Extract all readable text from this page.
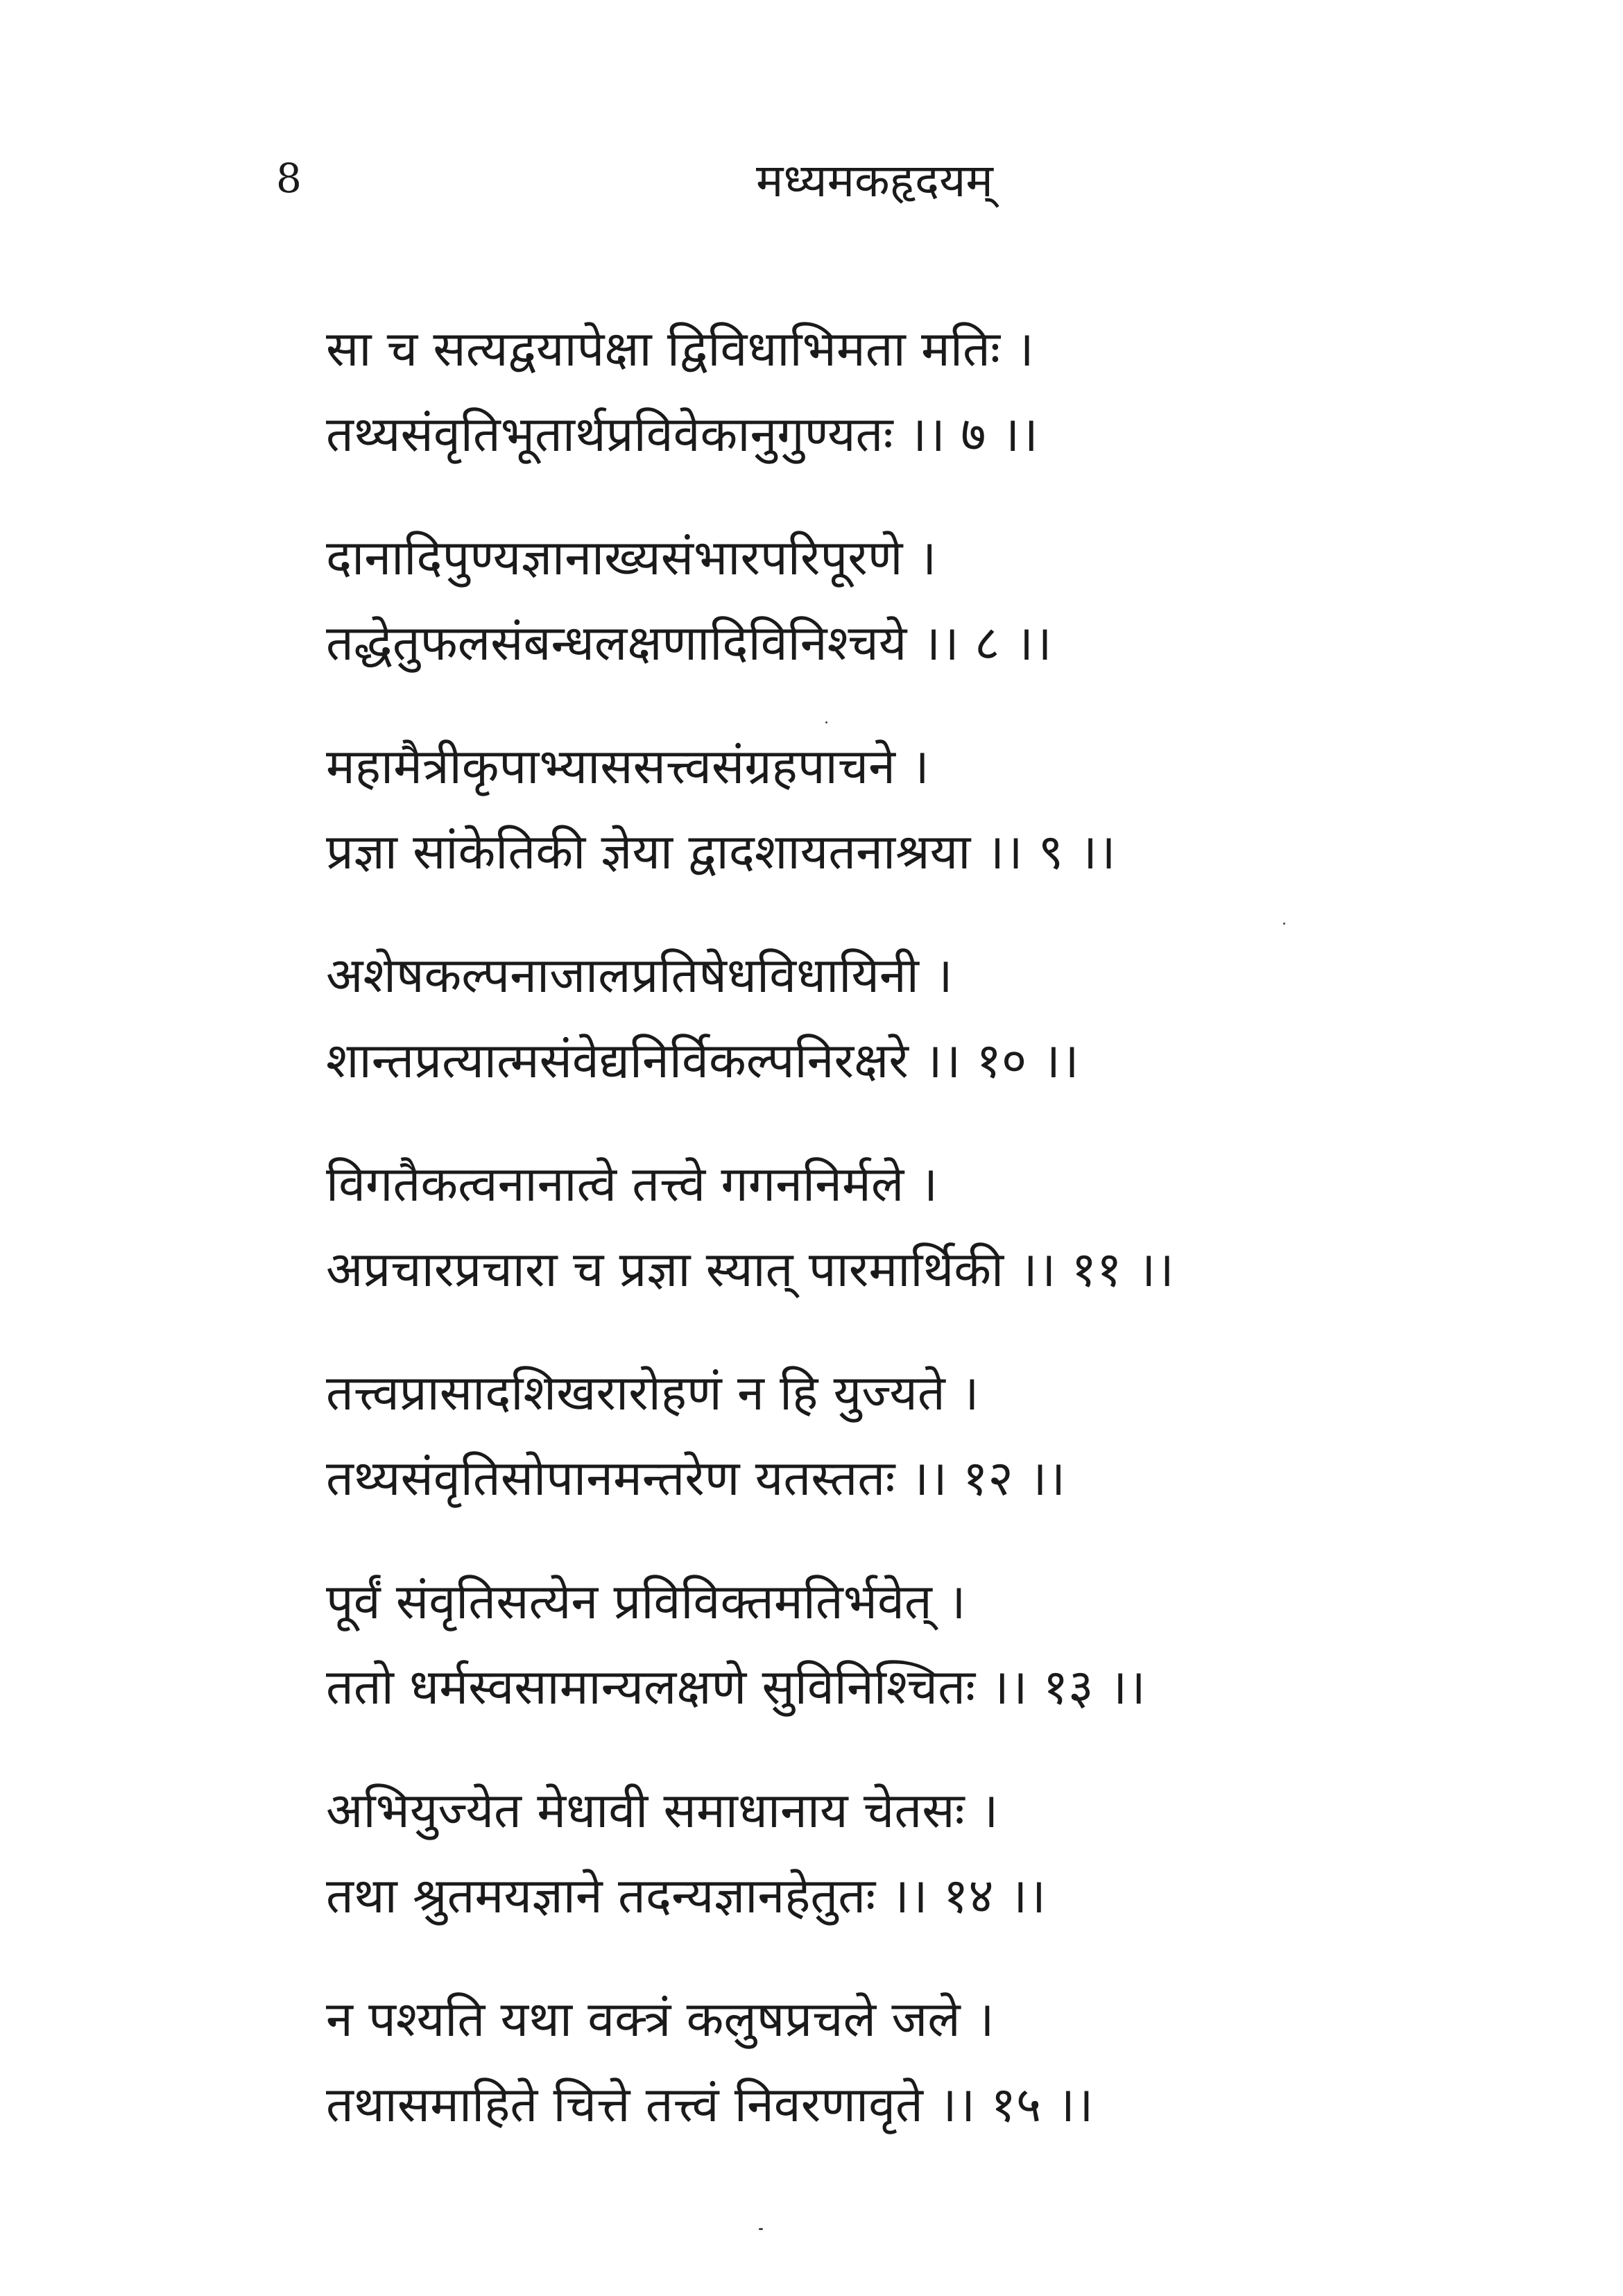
8	मध्यमकहृदयम्
सा च सत्यद्वयापेक्षा द्विविधाभिमता मतिः ।
तथ्यसंवृतिभूतार्थप्रविवेकानुगुण्यतः ।। ७ ।।
दानादिपुण्यज्ञानाख्यसंभारपरिपूरणे ।
तद्धेतुफलसंबन्धलक्षणादिविनिश्चये ।। ८ ।।
महामैत्रीकृपाभ्याससत्त्वसंग्रहपाचने ।
प्रज्ञा सांकेतिकी ज्ञेया द्वादशायतनाश्रया ।। ९ ।।
अशेषकल्पनाजालप्रतिषेधविधायिनी ।
शान्तप्रत्यात्मसंवेद्यनिर्विकल्पनिरक्षरे ।। १० ।।
विगतैकत्वनानात्वे तत्त्वे गगननिर्मले ।
अप्रचारप्रचारा च प्रज्ञा स्यात् पारमार्थिकी ।। ११ ।।
तत्त्वप्रासादशिखरारोहणं न हि युज्यते ।
तथ्यसंवृतिसोपानमन्तरेण यतस्ततः ।। १२ ।।
पूर्वं संवृतिसत्येन प्रविविक्तमतिर्भवेत् ।
ततो धर्मस्वसामान्यलक्षणे सुविनिश्चितः ।। १३ ।।
अभियुज्येत मेधावी समाधानाय चेतसः ।
तथा श्रुतमयज्ञाने तदन्यज्ञानहेतुतः ।। १४ ।।
न पश्यति यथा वक्त्रं कलुषप्रचले जले ।
तथासमाहिते चित्ते तत्त्वं निवरणावृते ।। १५ ।।
